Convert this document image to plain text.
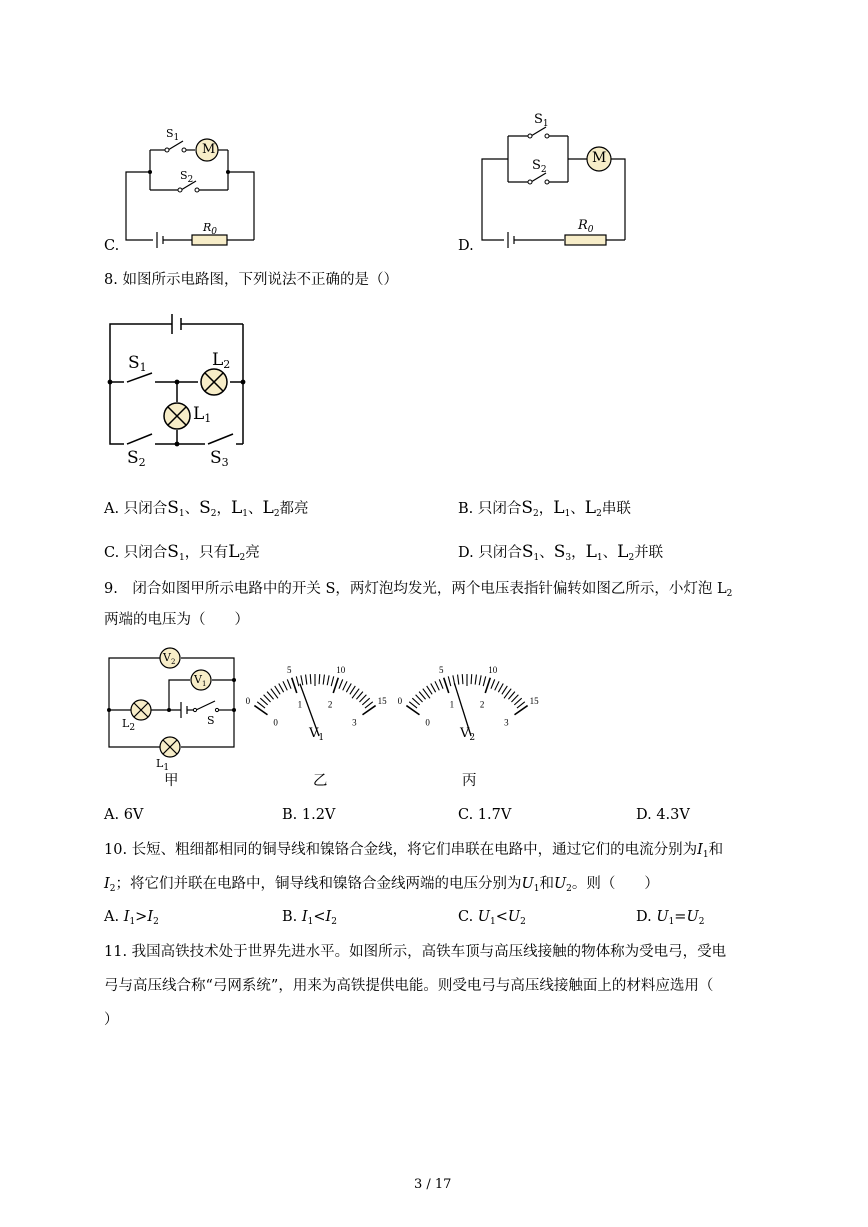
C.
$S_1$
M
$S_2$
$R_0$
D.
$S_1$
M
$S_2$
$R_0$
8. 如图所示电路图，下列说法不正确的是（）
$S_1$	$L_2$
$L_1$
$S_2$	$S_3$
A. 只闭合$S_1$、$S_2$，$L_1$、$L_2$都亮	B. 只闭合$S_2$，$L_1$、$L_2$串联
C. 只闭合$S_1$，只有$L_2$亮	D. 只闭合$S_1$、$S_3$，$L_1$、$L_2$并联
9.　闭合如图甲所示电路中的开关 S，两灯泡均发光，两个电压表指针偏转如图乙所示，小灯泡 $L_2$
两端的电压为（　　）
$V_2$
$V_1$
$L_2$
S
$L_1$
0
0
5
1
10
2	15
3
0
0
5
1
10
2	15
3
$V_1$	$V_2$
甲	乙	丙
A. 6V	B. 1.2V	C. 1.7V	D. 4.3V
10. 长短、粗细都相同的铜导线和镍铬合金线，将它们串联在电路中，通过它们的电流分别为$I_1$和
$I_2$；将它们并联在电路中，铜导线和镍铬合金线两端的电压分别为$U_1$和$U_2$。则（　　）
A. $I_1>I_2$	B. $I_1<I_2$	C. $U_1<U_2$	D. $U_1=U_2$
11. 我国高铁技术处于世界先进水平。如图所示，高铁车顶与高压线接触的物体称为受电弓，受电
弓与高压线合称“弓网系统”，用来为高铁提供电能。则受电弓与高压线接触面上的材料应选用（
）
3 / 17
